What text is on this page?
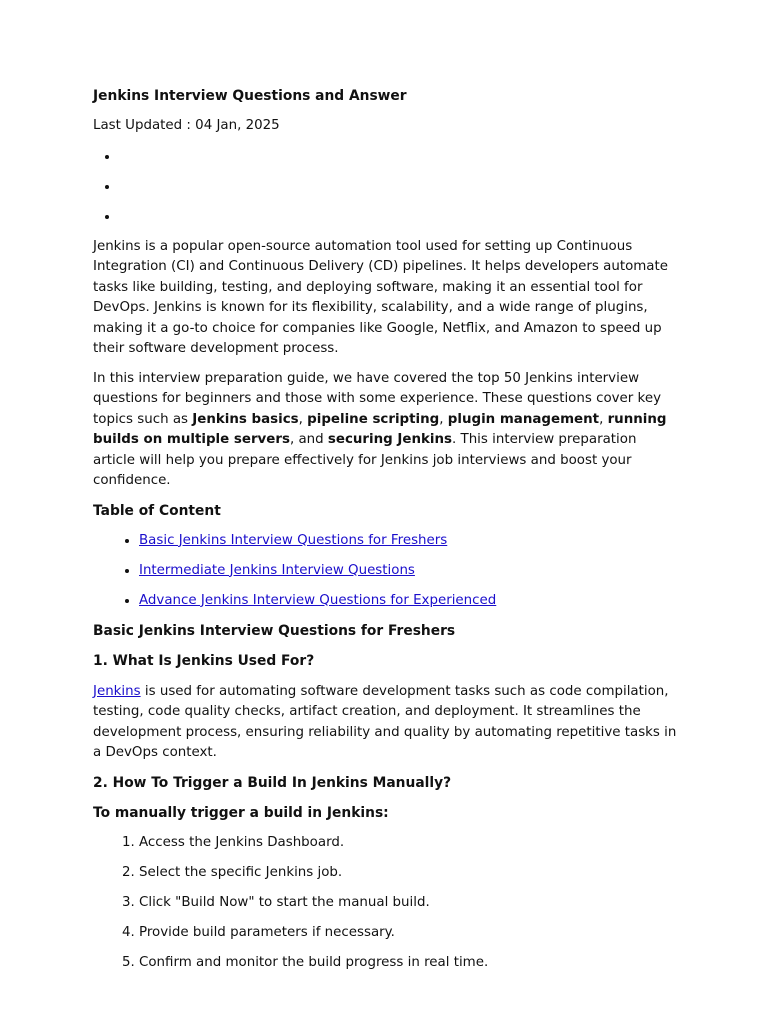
Jenkins Interview Questions and Answer

Last Updated : 04 Jan, 2025

•
•
•

Jenkins is a popular open-source automation tool used for setting up Continuous Integration (CI) and Continuous Delivery (CD) pipelines. It helps developers automate tasks like building, testing, and deploying software, making it an essential tool for DevOps. Jenkins is known for its flexibility, scalability, and a wide range of plugins, making it a go-to choice for companies like Google, Netflix, and Amazon to speed up their software development process.

In this interview preparation guide, we have covered the top 50 Jenkins interview questions for beginners and those with some experience. These questions cover key topics such as Jenkins basics, pipeline scripting, plugin management, running builds on multiple servers, and securing Jenkins. This interview preparation article will help you prepare effectively for Jenkins job interviews and boost your confidence.

Table of Content

• Basic Jenkins Interview Questions for Freshers
• Intermediate Jenkins Interview Questions
• Advance Jenkins Interview Questions for Experienced

Basic Jenkins Interview Questions for Freshers

1. What Is Jenkins Used For?

Jenkins is used for automating software development tasks such as code compilation, testing, code quality checks, artifact creation, and deployment. It streamlines the development process, ensuring reliability and quality by automating repetitive tasks in a DevOps context.

2. How To Trigger a Build In Jenkins Manually?

To manually trigger a build in Jenkins:

1. Access the Jenkins Dashboard.
2. Select the specific Jenkins job.
3. Click "Build Now" to start the manual build.
4. Provide build parameters if necessary.
5. Confirm and monitor the build progress in real time.
